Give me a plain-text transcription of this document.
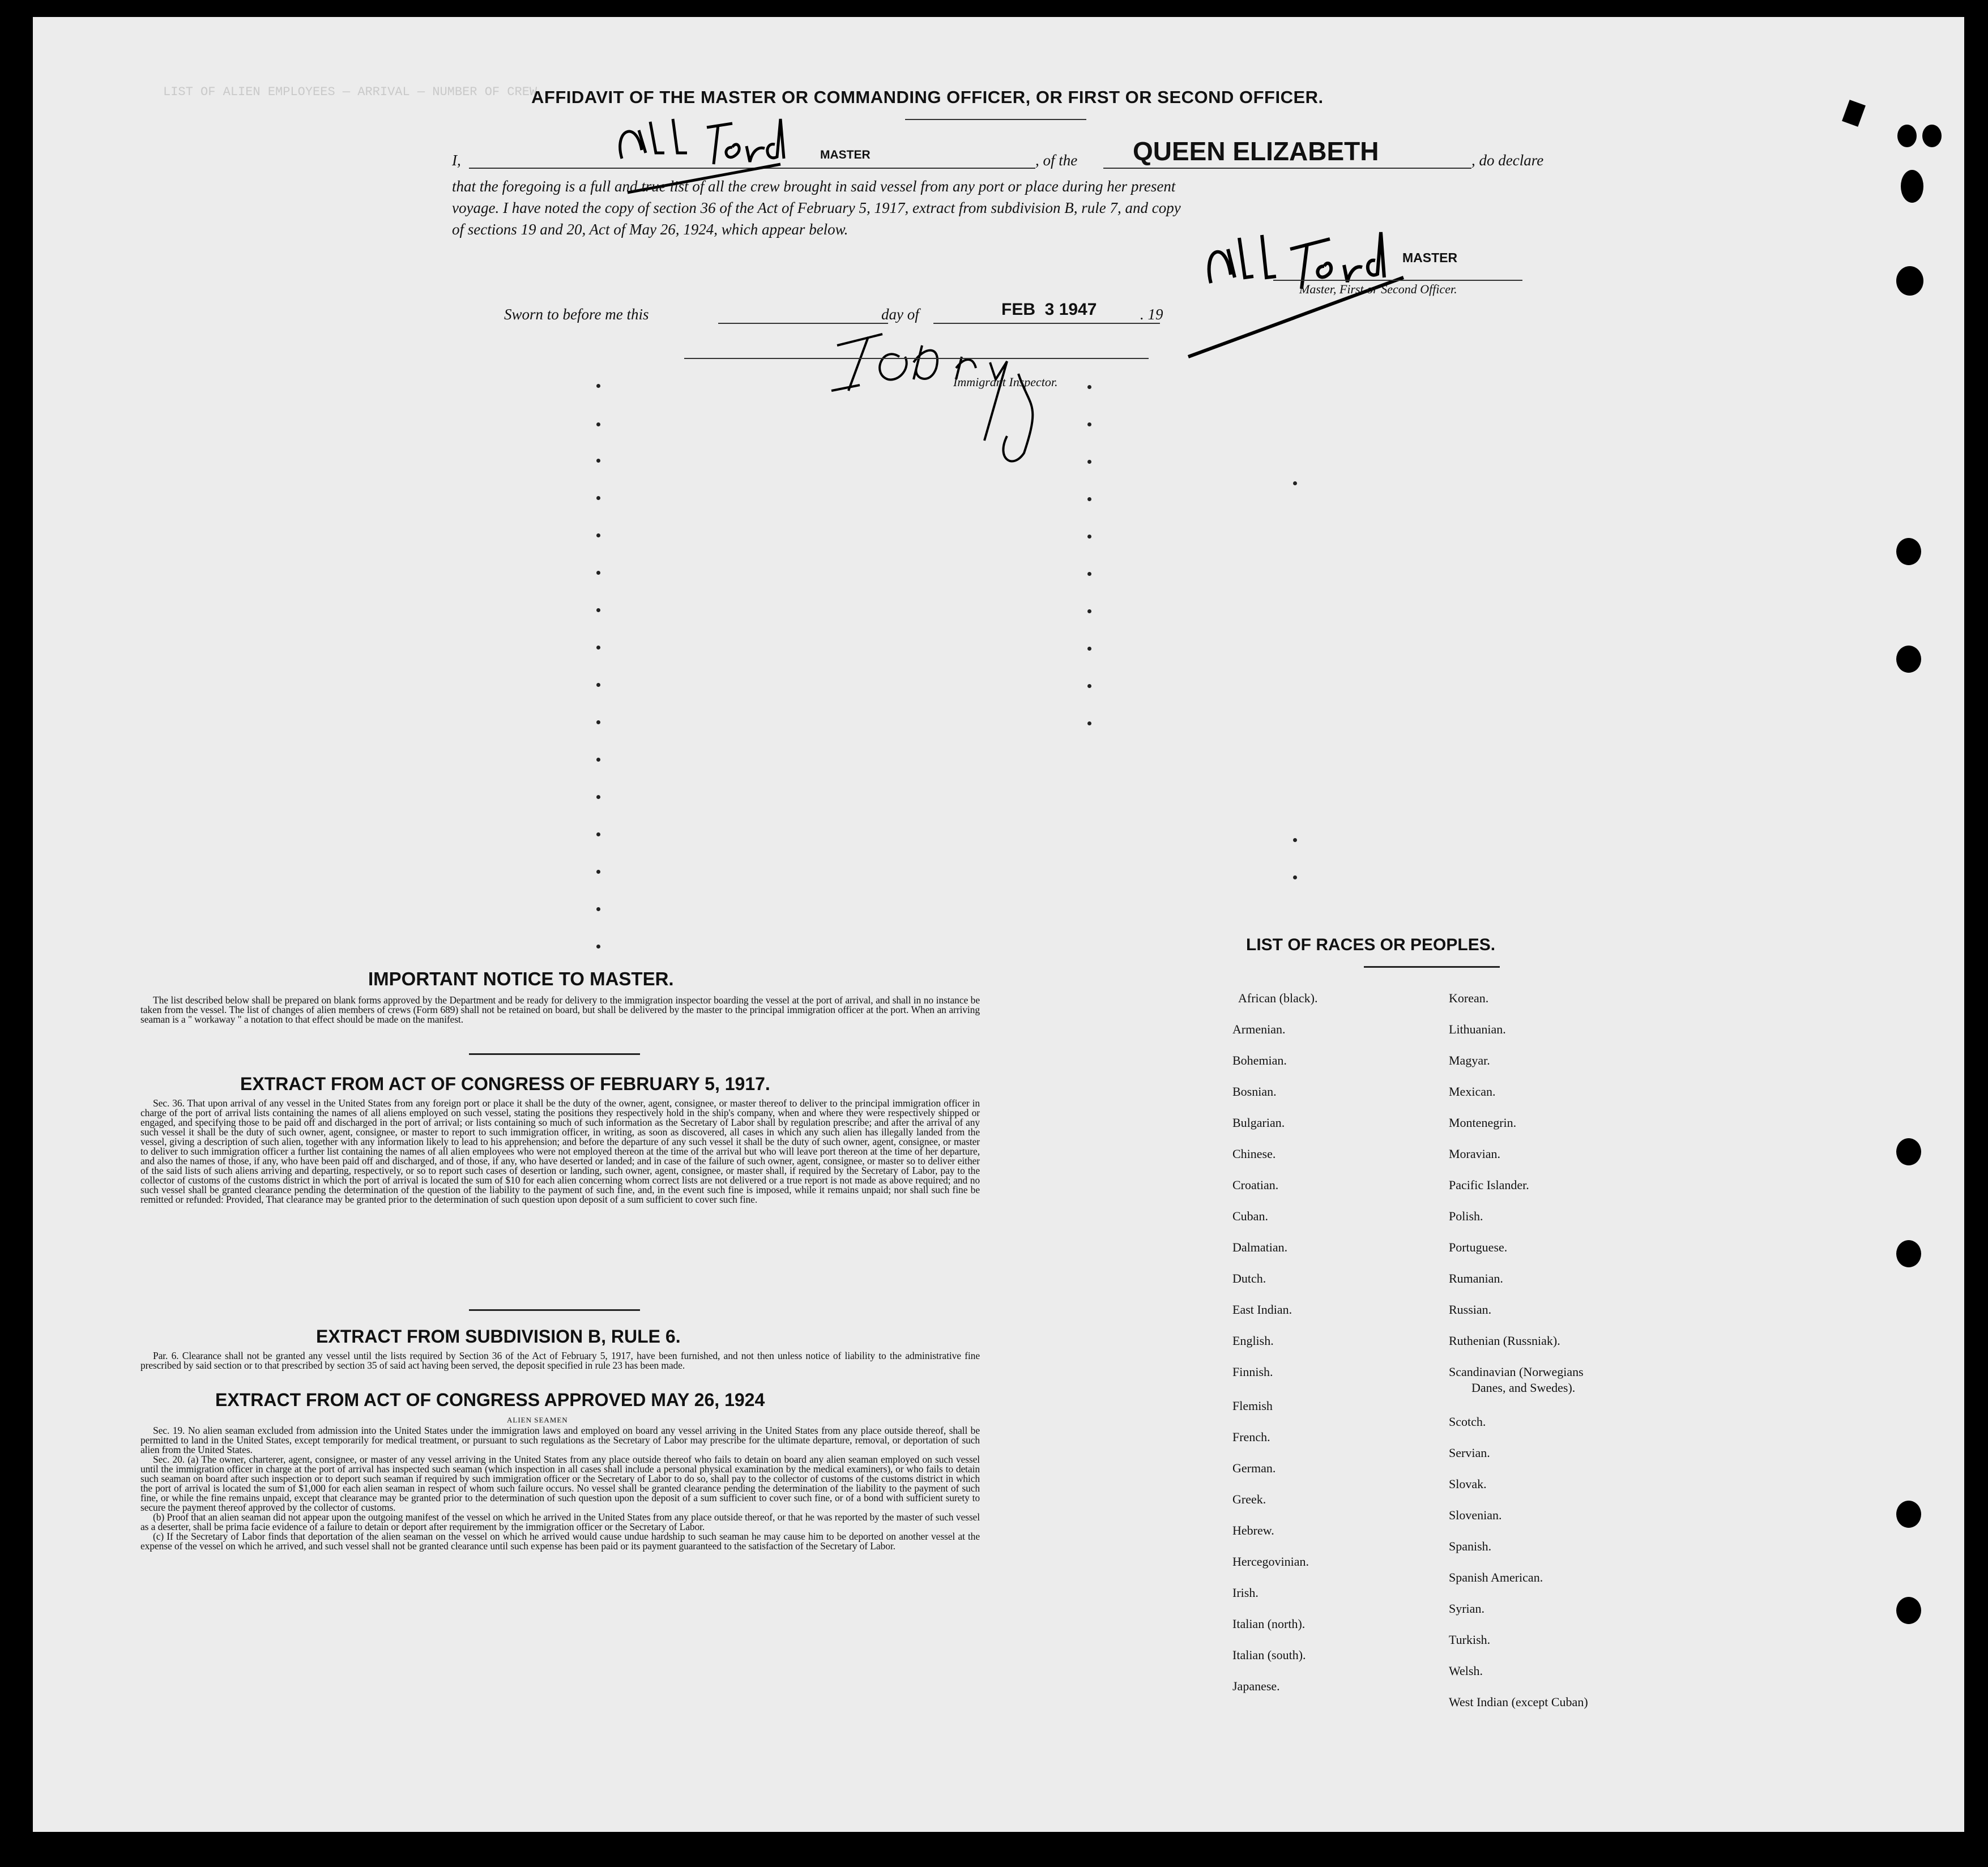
LIST OF ALIEN EMPLOYEES — ARRIVAL — NUMBER OF CREW
AFFIDAVIT OF THE MASTER OR COMMANDING OFFICER, OR FIRST OR SECOND OFFICER.
I,	MASTER	, of the QUEEN ELIZABETH	, do declare
that the foregoing is a full and true list of all the crew brought in said vessel from any port or place during her present
voyage. I have noted the copy of section 36 of the Act of February 5, 1917, extract from subdivision B, rule 7, and copy
of sections 19 and 20, Act of May 26, 1924, which appear below.
MASTER
Master, First or Second Officer.
Sworn to before me this	day of	FEB  3 1947	. 19
Immigrant Inspector.
IMPORTANT NOTICE TO MASTER.

The list described below shall be prepared on blank forms approved by the Department and be ready for delivery to the immigration inspector boarding the vessel at the port of arrival, and shall in no instance be taken from the vessel. The list of changes of alien members of crews (Form 689) shall not be retained on board, but shall be delivered by the master to the principal immigration officer at the port. When an arriving seaman is a " workaway " a notation to that effect should be made on the manifest.

EXTRACT FROM ACT OF CONGRESS OF FEBRUARY 5, 1917.

Sec. 36. That upon arrival of any vessel in the United States from any foreign port or place it shall be the duty of the owner, agent, consignee, or master thereof to deliver to the principal immigration officer in charge of the port of arrival lists containing the names of all aliens employed on such vessel, stating the positions they respectively hold in the ship's company, when and where they were respectively shipped or engaged, and specifying those to be paid off and discharged in the port of arrival; or lists containing so much of such information as the Secretary of Labor shall by regulation prescribe; and after the arrival of any such vessel it shall be the duty of such owner, agent, consignee, or master to report to such immigration officer, in writing, as soon as discovered, all cases in which any such alien has illegally landed from the vessel, giving a description of such alien, together with any information likely to lead to his apprehension; and before the departure of any such vessel it shall be the duty of such owner, agent, consignee, or master to deliver to such immigration officer a further list containing the names of all alien employees who were not employed thereon at the time of the arrival but who will leave port thereon at the time of her departure, and also the names of those, if any, who have been paid off and discharged, and of those, if any, who have deserted or landed; and in case of the failure of such owner, agent, consignee, or master so to deliver either of the said lists of such aliens arriving and departing, respectively, or so to report such cases of desertion or landing, such owner, agent, consignee, or master shall, if required by the Secretary of Labor, pay to the collector of customs of the customs district in which the port of arrival is located the sum of $10 for each alien concerning whom correct lists are not delivered or a true report is not made as above required; and no such vessel shall be granted clearance pending the determination of the question of the liability to the payment of such fine, and, in the event such fine is imposed, while it remains unpaid; nor shall such fine be remitted or refunded: Provided, That clearance may be granted prior to the determination of such question upon deposit of a sum sufficient to cover such fine.

EXTRACT FROM SUBDIVISION B, RULE 6.

Par. 6. Clearance shall not be granted any vessel until the lists required by Section 36 of the Act of February 5, 1917, have been furnished, and not then unless notice of liability to the administrative fine prescribed by said section or to that prescribed by section 35 of said act having been served, the deposit specified in rule 23 has been made.

EXTRACT FROM ACT OF CONGRESS APPROVED MAY 26, 1924
ALIEN SEAMEN

Sec. 19. No alien seaman excluded from admission into the United States under the immigration laws and employed on board any vessel arriving in the United States from any place outside thereof, shall be permitted to land in the United States, except temporarily for medical treatment, or pursuant to such regulations as the Secretary of Labor may prescribe for the ultimate departure, removal, or deportation of such alien from the United States.

Sec. 20. (a) The owner, charterer, agent, consignee, or master of any vessel arriving in the United States from any place outside thereof who fails to detain on board any alien seaman employed on such vessel until the immigration officer in charge at the port of arrival has inspected such seaman (which inspection in all cases shall include a personal physical examination by the medical examiners), or who fails to detain such seaman on board after such inspection or to deport such seaman if required by such immigration officer or the Secretary of Labor to do so, shall pay to the collector of customs of the customs district in which the port of arrival is located the sum of $1,000 for each alien seaman in respect of whom such failure occurs. No vessel shall be granted clearance pending the determination of the liability to the payment of such fine, or while the fine remains unpaid, except that clearance may be granted prior to the determination of such question upon the deposit of a sum sufficient to cover such fine, or of a bond with sufficient surety to secure the payment thereof approved by the collector of customs.

(b) Proof that an alien seaman did not appear upon the outgoing manifest of the vessel on which he arrived in the United States from any place outside thereof, or that he was reported by the master of such vessel as a deserter, shall be prima facie evidence of a failure to detain or deport after requirement by the immigration officer or the Secretary of Labor.

(c) If the Secretary of Labor finds that deportation of the alien seaman on the vessel on which he arrived would cause undue hardship to such seaman he may cause him to be deported on another vessel at the expense of the vessel on which he arrived, and such vessel shall not be granted clearance until such expense has been paid or its payment guaranteed to the satisfaction of the Secretary of Labor.

LIST OF RACES OR PEOPLES.
African (black).
Armenian.
Bohemian.
Bosnian.
Bulgarian.
Chinese.
Croatian.
Cuban.
Dalmatian.
Dutch.
East Indian.
English.
Finnish.
Flemish
French.
German.
Greek.
Hebrew.
Hercegovinian.
Irish.
Italian (north).
Italian (south).
Japanese.
Korean.
Lithuanian.
Magyar.
Mexican.
Montenegrin.
Moravian.
Pacific Islander.
Polish.
Portuguese.
Rumanian.
Russian.
Ruthenian (Russniak).
Scandinavian (Norwegians
Danes, and Swedes).
Scotch.
Servian.
Slovak.
Slovenian.
Spanish.
Spanish American.
Syrian.
Turkish.
Welsh.
West Indian (except Cuban)
